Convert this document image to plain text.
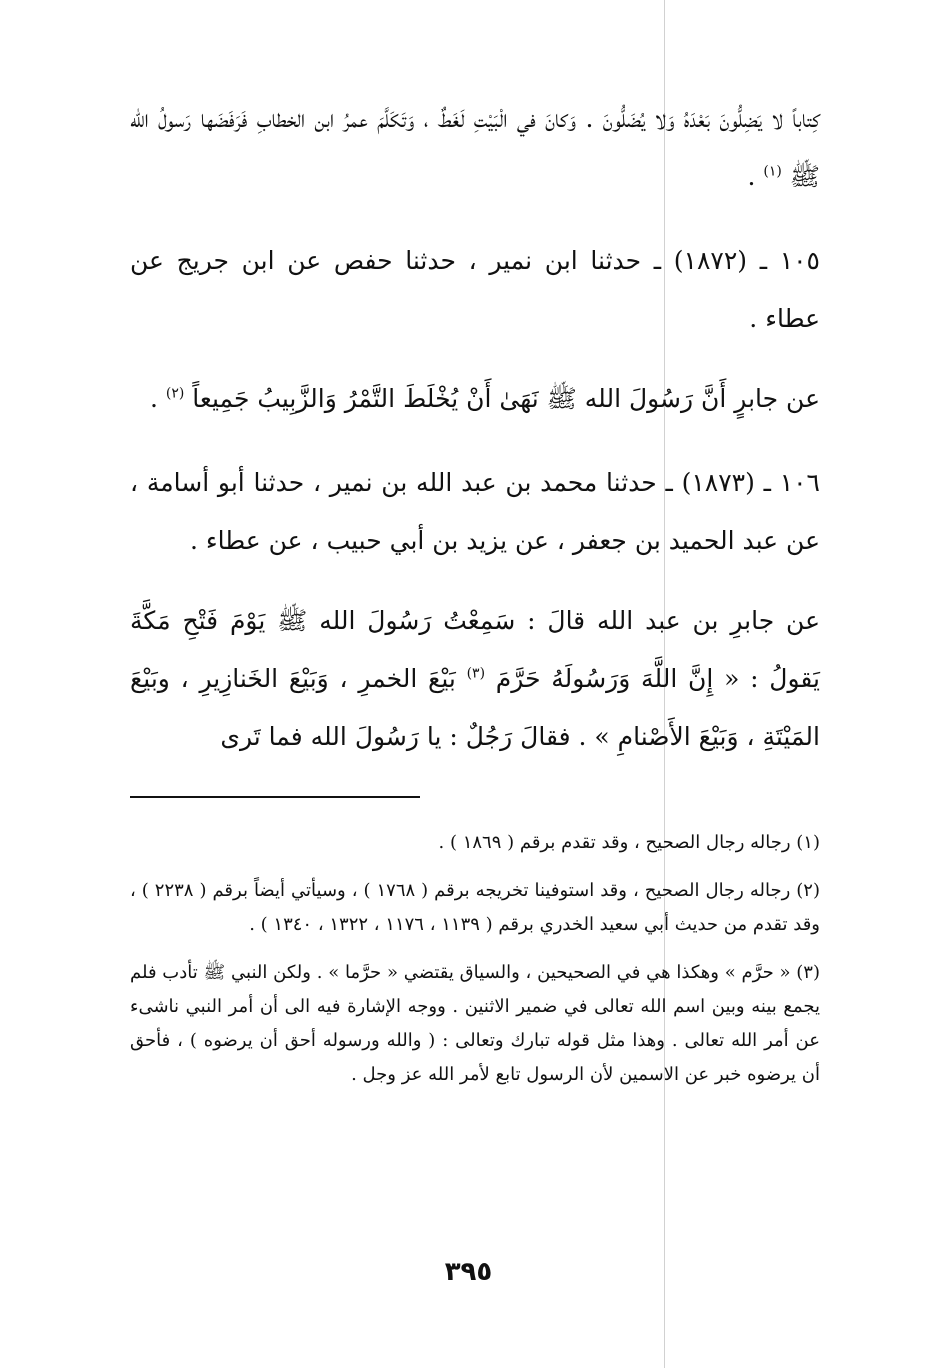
كِتاباً لا يَضِلُّونَ بَعْدَهُ وَلا يُضَلُّونَ . وَكانَ في الْبَيْتِ لَغَطٌ ، وَتَكَلَّمَ عمرُ ابن الخطابِ فَرَفَضَها رَسولُ الله ﷺ $^{(١)}$ .

١٠٥ ـ (١٨٧٢) ـ حدثنا ابن نمير ، حدثنا حفص عن ابن جريج عن عطاء .

عن جابرٍ أَنَّ رَسُولَ الله ﷺ نَهَىٰ أَنْ يُخْلَطَ التَّمْرُ وَالزَّبِيبُ جَمِيعاً $^{(٢)}$ .

١٠٦ ـ (١٨٧٣) ـ حدثنا محمد بن عبد الله بن نمير ، حدثنا أبو أسامة ، عن عبد الحميد بن جعفر ، عن يزيد بن أبي حبيب ، عن عطاء .

عن جابرِ بن عبد الله قالَ : سَمِعْتُ رَسُولَ الله ﷺ يَوْمَ فَتْحِ مَكَّةَ يَقولُ : « إِنَّ اللَّهَ وَرَسُولَهُ حَرَّمَ $^{(٣)}$ بَيْعَ الخمرِ ، وَبَيْعَ الخَنازِيرِ ، وبَيْعَ المَيْتَةِ ، وَبَيْعَ الأَصْنامِ » . فقالَ رَجُلٌ : يا رَسُولَ الله فما تَرى

(١) رجاله رجال الصحيح ، وقد تقدم برقم ( ١٨٦٩ ) .

(٢) رجاله رجال الصحيح ، وقد استوفينا تخريجه برقم ( ١٧٦٨ ) ، وسيأتي أيضاً برقم ( ٢٢٣٨ ) ، وقد تقدم من حديث أبي سعيد الخدري برقم ( ١١٣٩ ، ١١٧٦ ، ١٣٢٢ ، ١٣٤٠ ) .

(٣) « حرَّم » وهكذا هي في الصحيحين ، والسياق يقتضي « حرَّما » . ولكن النبي ﷺ تأدب فلم يجمع بينه وبين اسم الله تعالى في ضمير الاثنين . ووجه الإشارة فيه الى أن أمر النبي ناشىء عن أمر الله تعالى . وهذا مثل قوله تبارك وتعالى : ( والله ورسوله أحق أن يرضوه ) ، فأحق أن يرضوه خبر عن الاسمين لأن الرسول تابع لأمر الله عز وجل .

٣٩٥
